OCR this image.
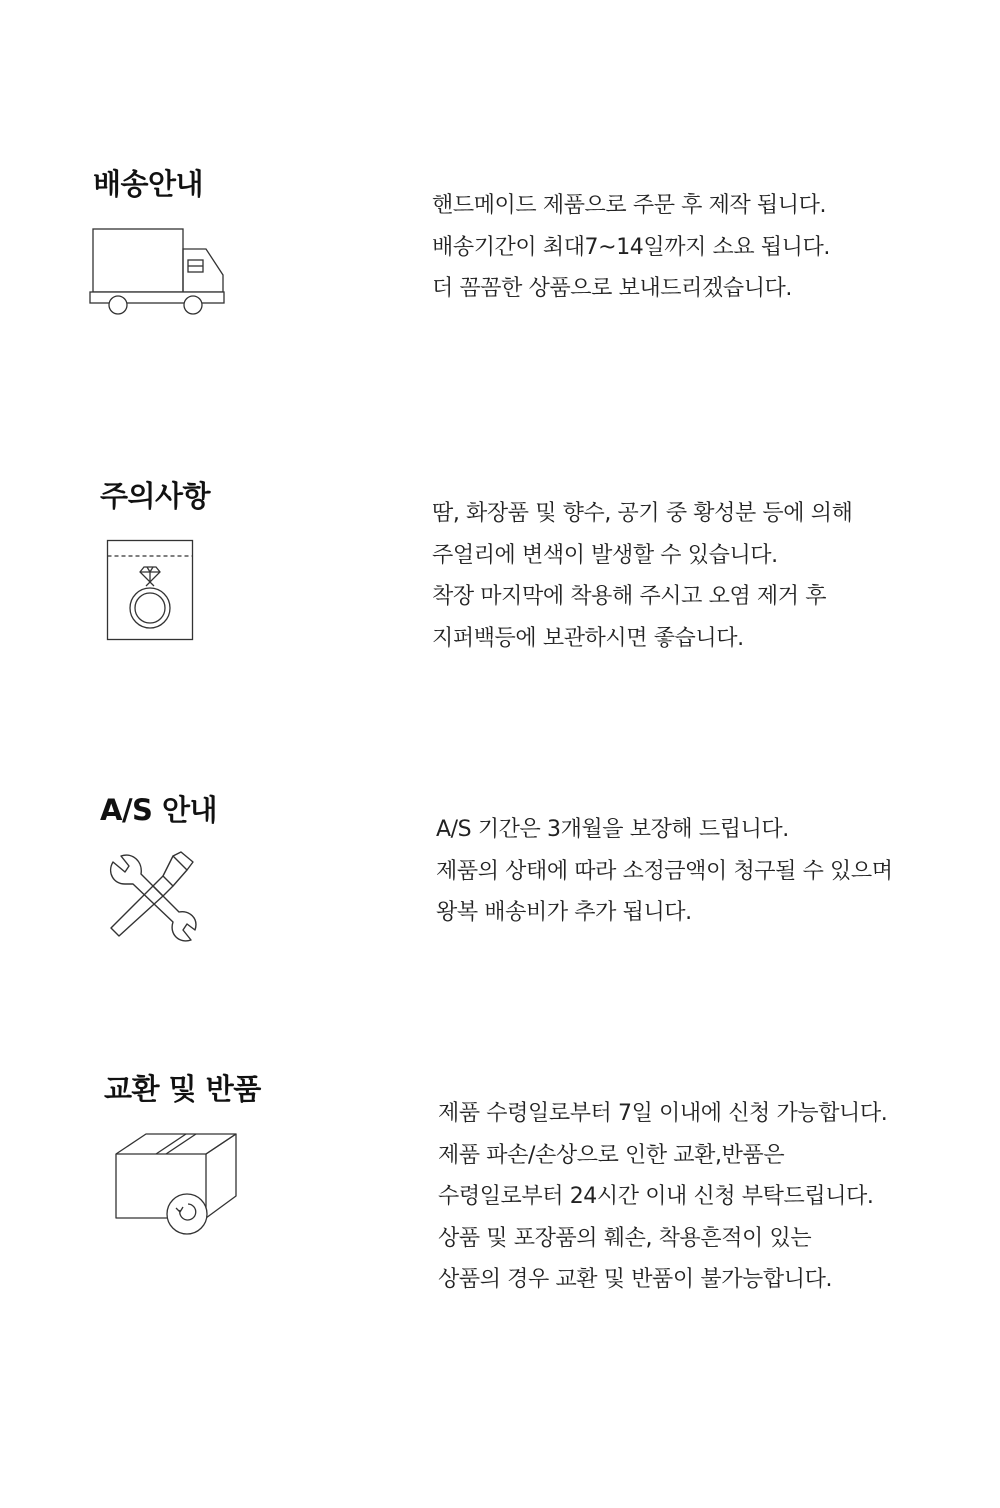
배송안내

핸드메이드 제품으로 주문 후 제작 됩니다.
배송기간이 최대7~14일까지 소요 됩니다.
더 꼼꼼한 상품으로 보내드리겠습니다.

주의사항

땀, 화장품 및 향수, 공기 중 황성분 등에 의해
주얼리에 변색이 발생할 수 있습니다.
착장 마지막에 착용해 주시고 오염 제거 후
지퍼백등에 보관하시면 좋습니다.

A/S 안내

A/S 기간은 3개월을 보장해 드립니다.
제품의 상태에 따라 소정금액이 청구될 수 있으며
왕복 배송비가 추가 됩니다.

교환 및 반품

제품 수령일로부터 7일 이내에 신청 가능합니다.
제품 파손/손상으로 인한 교환,반품은
수령일로부터 24시간 이내 신청 부탁드립니다.
상품 및 포장품의 훼손, 착용흔적이 있는
상품의 경우 교환 및 반품이 불가능합니다.
